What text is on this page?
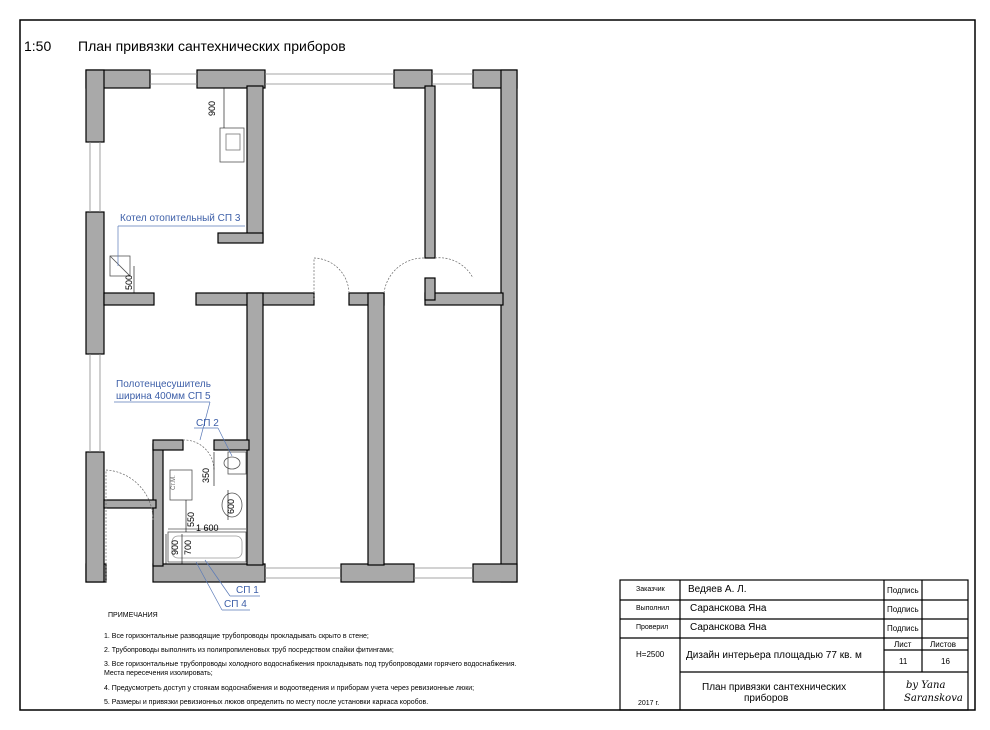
1:50 План привязки сантехнических приборов
Котел отопительный СП 3
Полотенцесушитель
ширина 400мм СП 5
СП 2
СП 1
СП 4
Ст.М.
900
500
350
600
550
1 600
900 700
ПРИМЕЧАНИЯ
1. Все горизонтальные разводящие трубопроводы прокладывать скрыто в стене;
2. Трубопроводы выполнить из полипропиленовых труб посредством спайки фитингами;
3. Все горизонтальные трубопроводы холодного водоснабжения прокладывать под трубопроводами горячего водоснабжения.
Места пересечения изолировать;
4. Предусмотреть доступ у стоякам водоснабжения и водоотведения и приборам учета через ревизионные люки;
5. Размеры и привязки ревизионных люков определить по месту после установки каркаса коробов.
Заказчик Ведяев А. Л.	Подпись
Выполнил Саранскова Яна	Подпись
Проверил Саранскова Яна	Подпись
H=2500 Дизайн интерьера площадью 77 кв. м
Лист Листов
11	16
2017 г.
План привязки сантехнических
приборов
by Yana
Saranskova
